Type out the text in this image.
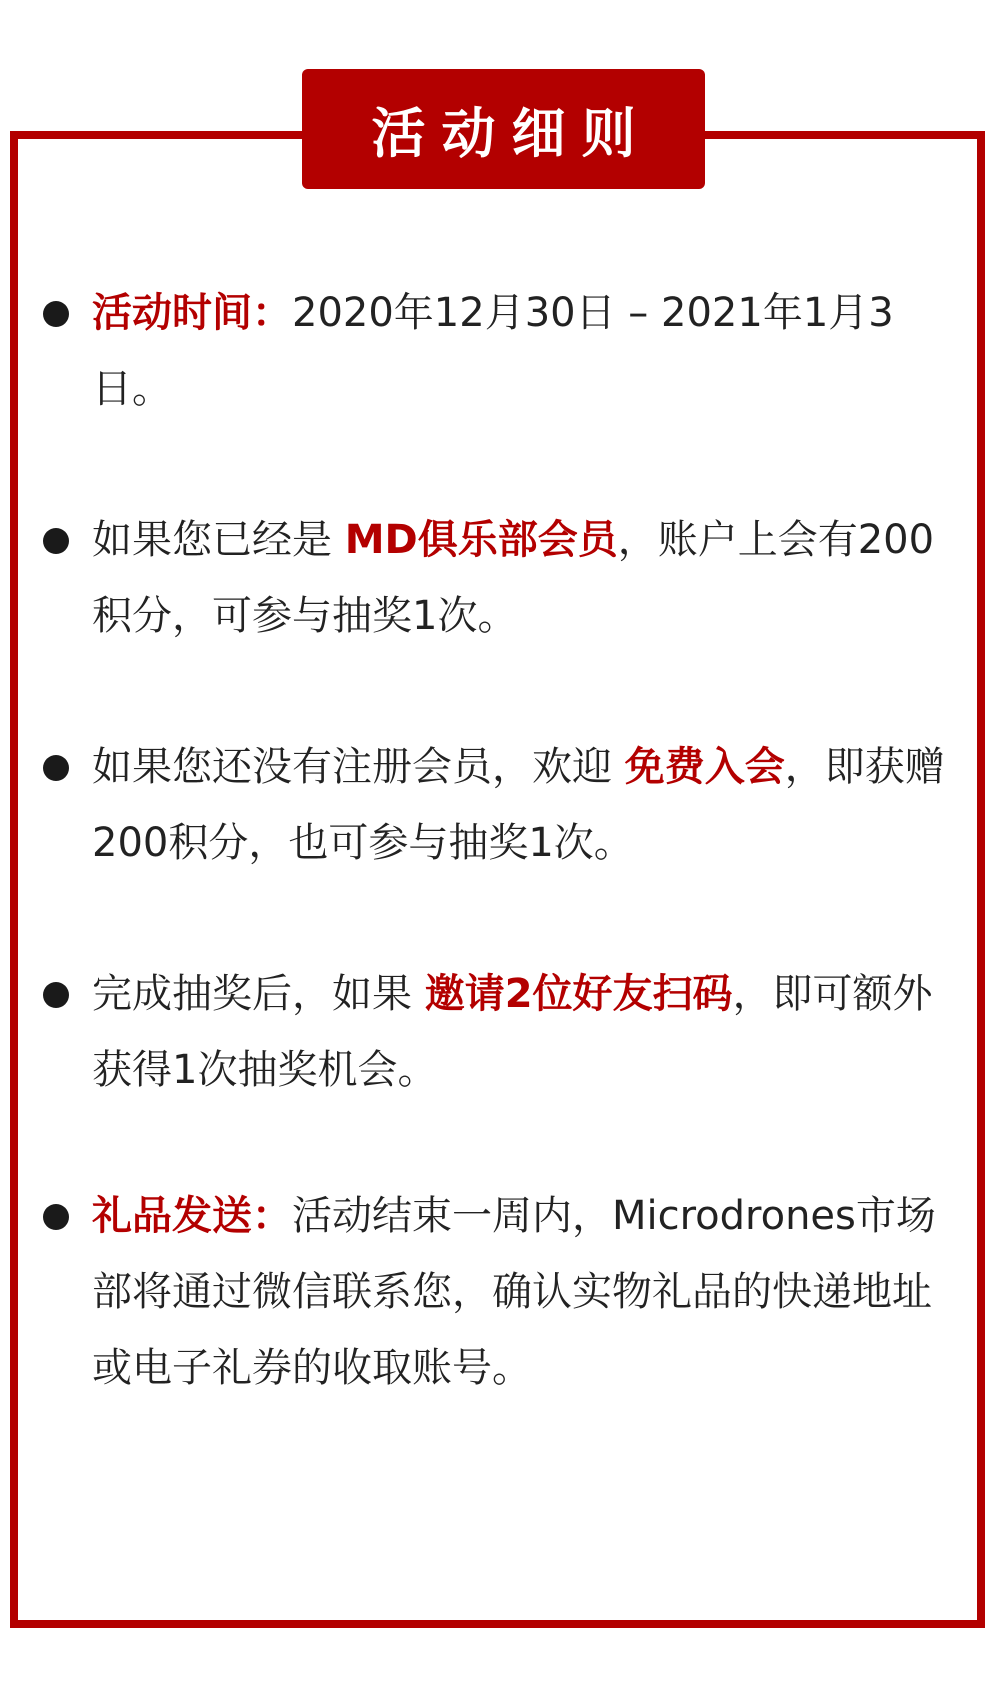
活动细则
活动时间：2020年12月30日 – 2021年1月3日。
如果您已经是 MD俱乐部会员，账户上会有200积分，可参与抽奖1次。
如果您还没有注册会员，欢迎 免费入会，即获赠200积分，也可参与抽奖1次。
完成抽奖后，如果 邀请2位好友扫码，即可额外获得1次抽奖机会。
礼品发送：活动结束一周内，Microdrones市场部将通过微信联系您，确认实物礼品的快递地址或电子礼券的收取账号。
